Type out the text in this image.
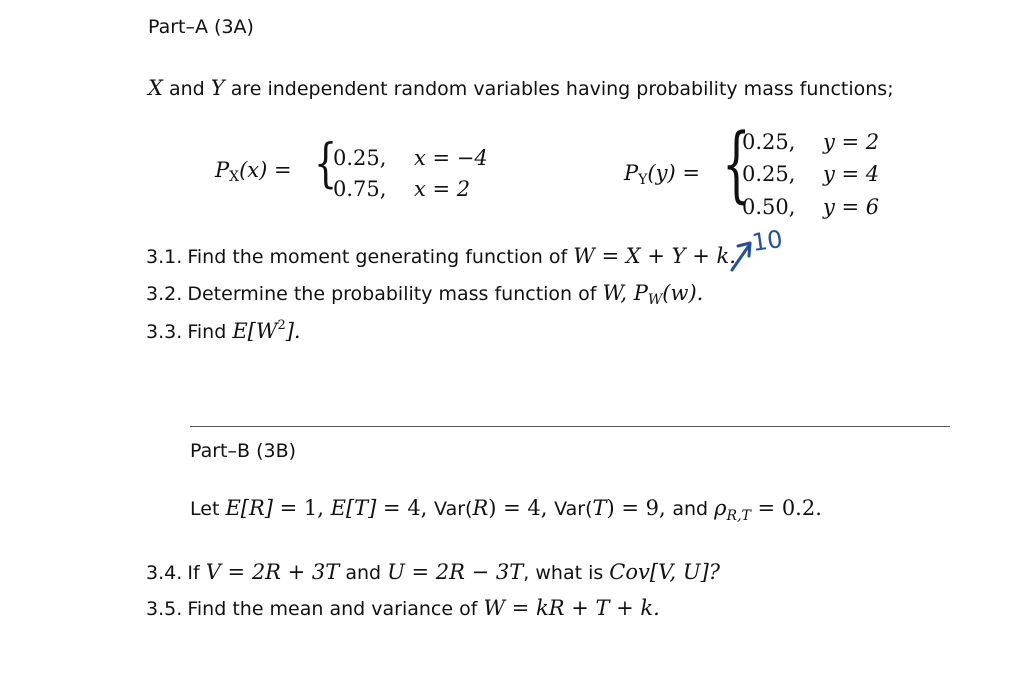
Part–A (3A)
X and Y are independent random variables having probability mass functions;
PX(x) = {
0.25, x = −4
0.75, x = 2
PY(y) = {
0.25, y = 2
0.25, y = 4
0.50, y = 6
3.1. Find the moment generating function of W = X + Y + k. 10
3.2. Determine the probability mass function of W, PW(w).
3.3. Find $E[W^2]$.
Part–B (3B)
Let E[R] = 1, E[T] = 4, Var(R) = 4, Var(T) = 9, and ρR,T = 0.2.
3.4. If V = 2R + 3T and U = 2R − 3T, what is Cov[V, U]?
3.5. Find the mean and variance of W = kR + T + k.
